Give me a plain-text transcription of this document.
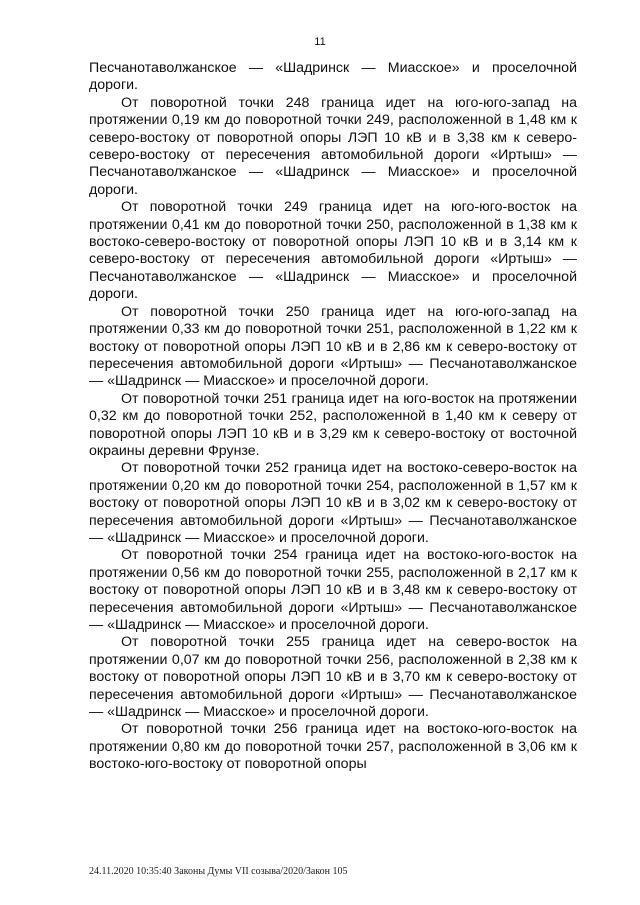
11

Песчанотаволжанское — «Шадринск — Миасское» и проселочной дороги.

От поворотной точки 248 граница идет на юго-юго-запад на протяжении 0,19 км до поворотной точки 249, расположенной в 1,48 км к северо-востоку от поворотной опоры ЛЭП 10 кВ и в 3,38 км к северо-северо-востоку от пересечения автомобильной дороги «Иртыш» — Песчанотаволжанское — «Шадринск — Миасское» и проселочной дороги.

От поворотной точки 249 граница идет на юго-юго-восток на протяжении 0,41 км до поворотной точки 250, расположенной в 1,38 км к востоко-северо-востоку от поворотной опоры ЛЭП 10 кВ и в 3,14 км к северо-востоку от пересечения автомобильной дороги «Иртыш» — Песчанотаволжанское — «Шадринск — Миасское» и проселочной дороги.

От поворотной точки 250 граница идет на юго-юго-запад на протяжении 0,33 км до поворотной точки 251, расположенной в 1,22 км к востоку от поворотной опоры ЛЭП 10 кВ и в 2,86 км к северо-востоку от пересечения автомобильной дороги «Иртыш» — Песчанотаволжанское — «Шадринск — Миасское» и проселочной дороги.

От поворотной точки 251 граница идет на юго-восток на протяжении 0,32 км до поворотной точки 252, расположенной в 1,40 км к северу от поворотной опоры ЛЭП 10 кВ и в 3,29 км к северо-востоку от восточной окраины деревни Фрунзе.

От поворотной точки 252 граница идет на востоко-северо-восток на протяжении 0,20 км до поворотной точки 254, расположенной в 1,57 км к востоку от поворотной опоры ЛЭП 10 кВ и в 3,02 км к северо-востоку от пересечения автомобильной дороги «Иртыш» — Песчанотаволжанское — «Шадринск — Миасское» и проселочной дороги.

От поворотной точки 254 граница идет на востоко-юго-восток на протяжении 0,56 км до поворотной точки 255, расположенной в 2,17 км к востоку от поворотной опоры ЛЭП 10 кВ и в 3,48 км к северо-востоку от пересечения автомобильной дороги «Иртыш» — Песчанотаволжанское — «Шадринск — Миасское» и проселочной дороги.

От поворотной точки 255 граница идет на северо-восток на протяжении 0,07 км до поворотной точки 256, расположенной в 2,38 км к востоку от поворотной опоры ЛЭП 10 кВ и в 3,70 км к северо-востоку от пересечения автомобильной дороги «Иртыш» — Песчанотаволжанское — «Шадринск — Миасское» и проселочной дороги.

От поворотной точки 256 граница идет на востоко-юго-восток на протяжении 0,80 км до поворотной точки 257, расположенной в 3,06 км к востоко-юго-востоку от поворотной опоры

24.11.2020 10:35:40 Законы Думы VII созыва/2020/Закон 105
